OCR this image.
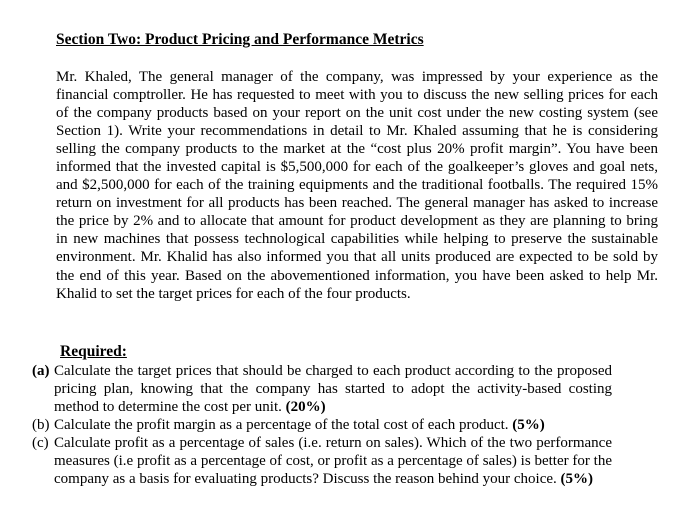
Section Two: Product Pricing and Performance Metrics

Mr. Khaled, The general manager of the company, was impressed by your experience as the financial comptroller. He has requested to meet with you to discuss the new selling prices for each of the company products based on your report on the unit cost under the new costing system (see Section 1). Write your recommendations in detail to Mr. Khaled assuming that he is considering selling the company products to the market at the “cost plus 20% profit margin”. You have been informed that the invested capital is $5,500,000 for each of the goalkeeper’s gloves and goal nets, and $2,500,000 for each of the training equipments and the traditional footballs. The required 15% return on investment for all products has been reached. The general manager has asked to increase the price by 2% and to allocate that amount for product development as they are planning to bring in new machines that possess technological capabilities while helping to preserve the sustainable environment. Mr. Khalid has also informed you that all units produced are expected to be sold by the end of this year. Based on the abovementioned information, you have been asked to help Mr. Khalid to set the target prices for each of the four products.

Required:
(a) Calculate the target prices that should be charged to each product according to the proposed pricing plan, knowing that the company has started to adopt the activity-based costing method to determine the cost per unit. (20%)
(b) Calculate the profit margin as a percentage of the total cost of each product. (5%)
(c) Calculate profit as a percentage of sales (i.e. return on sales). Which of the two performance measures (i.e profit as a percentage of cost, or profit as a percentage of sales) is better for the company as a basis for evaluating products? Discuss the reason behind your choice. (5%)
